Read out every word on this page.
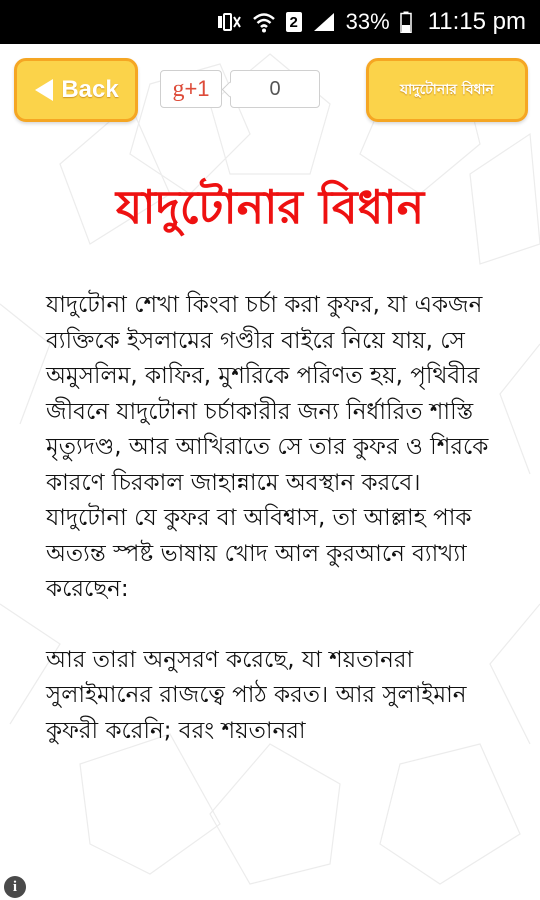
2 33% 11:15 pm
Back g +1	0	যাদুটোনার বিধান
যাদুটোনার বিধান

যাদুটোনা শেখা কিংবা চর্চা করা কুফর, যা একজন ব্যক্তিকে ইসলামের গণ্ডীর বাইরে নিয়ে যায়, সে অমুসলিম, কাফির, মুশরিকে পরিণত হয়, পৃথিবীর জীবনে যাদুটোনা চর্চাকারীর জন্য নির্ধারিত শাস্তি মৃত্যুদণ্ড, আর আখিরাতে সে তার কুফর ও শিরকে কারণে চিরকাল জাহান্নামে অবস্থান করবে। যাদুটোনা যে কুফর বা অবিশ্বাস, তা আল্লাহ পাক অত্যন্ত স্পষ্ট ভাষায় খোদ আল কুরআনে ব্যাখ্যা করেছেন:

আর তারা অনুসরণ করেছে, যা শয়তানরা সুলাইমানের রাজত্বে পাঠ করত। আর সুলাইমান কুফরী করেনি; বরং শয়তানরা

i
